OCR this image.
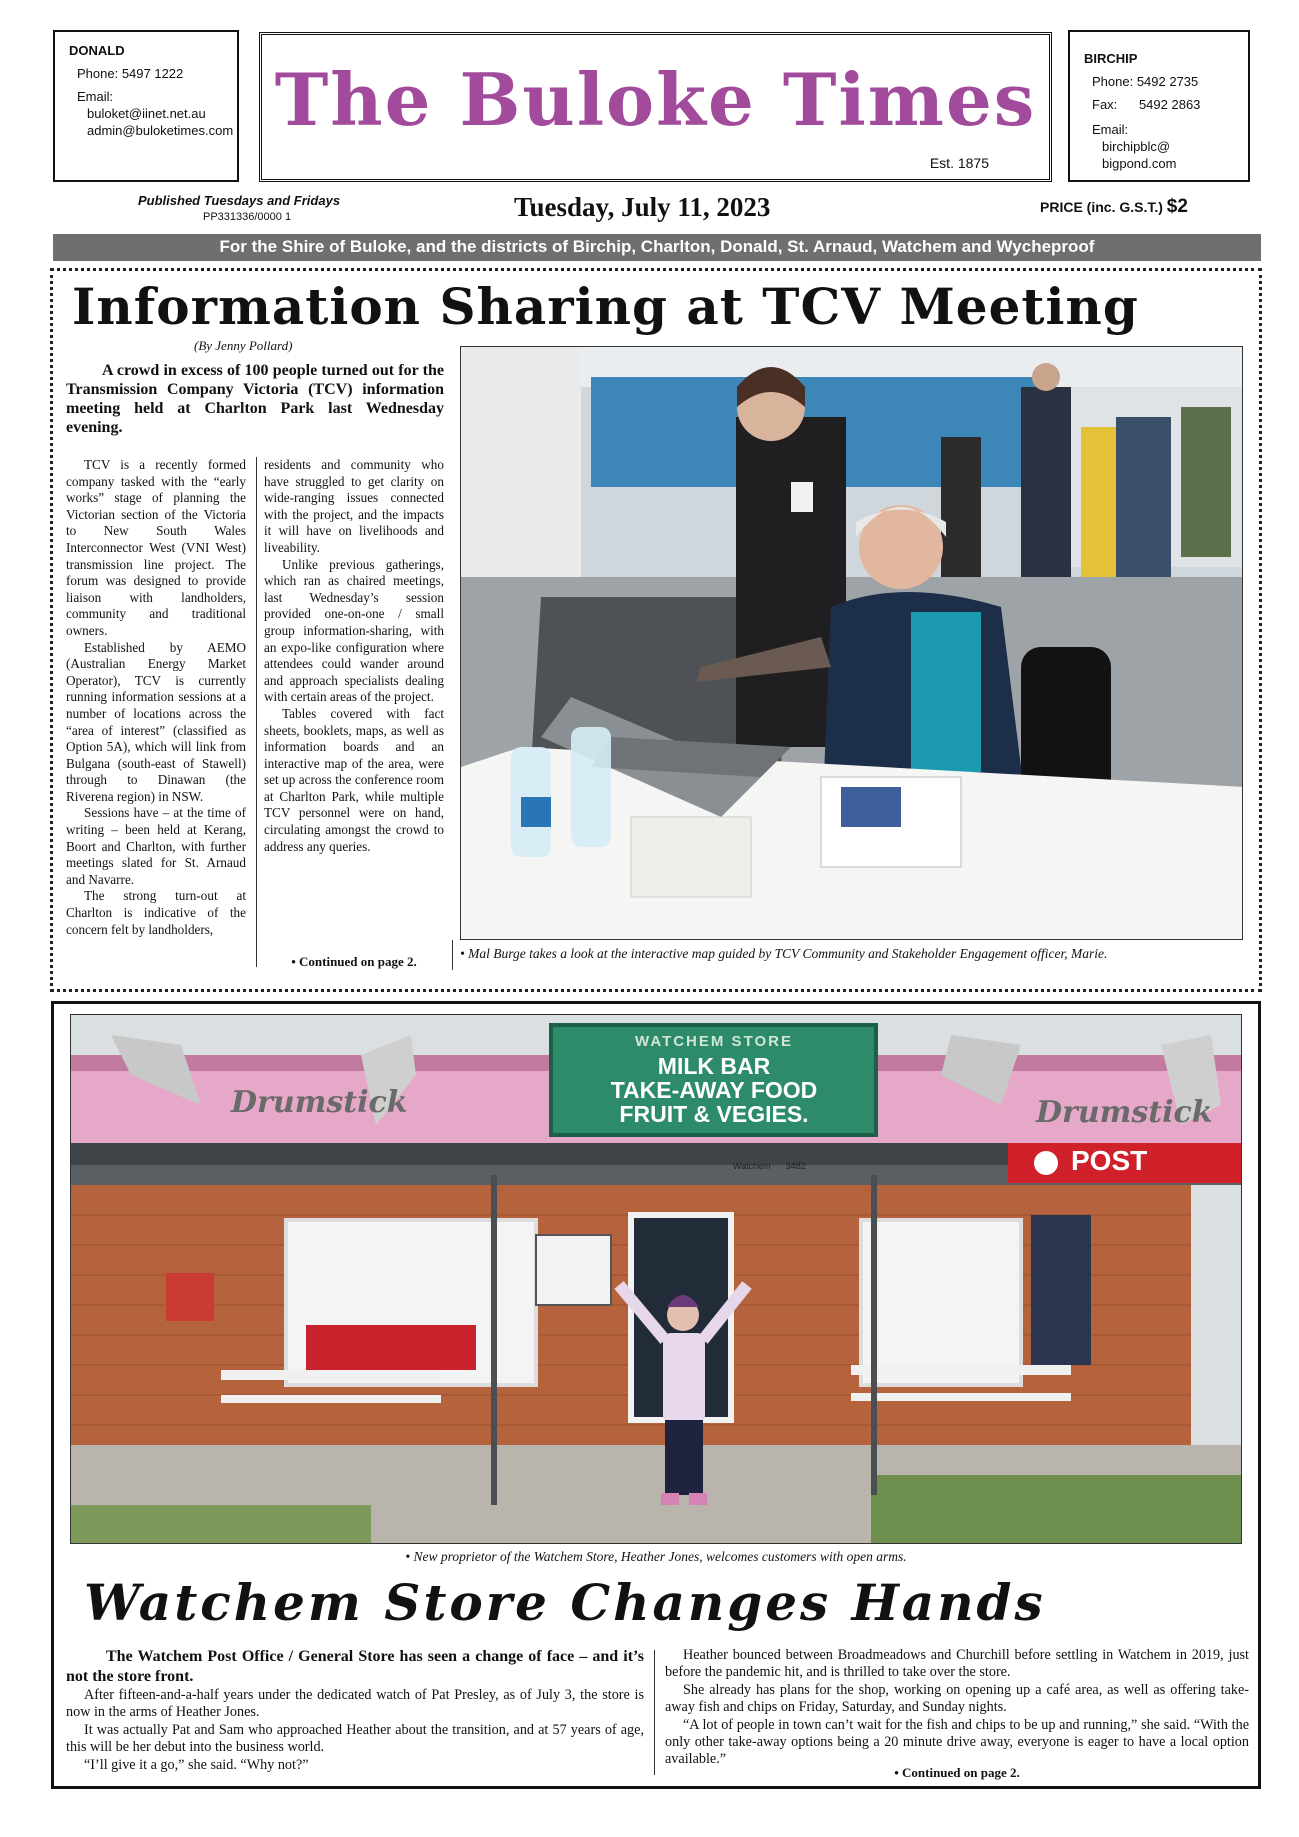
DONALD
Phone: 5497 1222
Email:
buloket@iinet.net.au
admin@buloketimes.com The Buloke Times
Est. 1875
BIRCHIP
Phone: 5492 2735
Fax:      5492 2863
Email:
birchipblc@
bigpond.com
Published Tuesdays and Fridays
PP331336/0000 1	Tuesday, July 11, 2023	PRICE (inc. G.S.T.) $2
For the Shire of Buloke, and the districts of Birchip, Charlton, Donald, St. Arnaud, Watchem and Wycheproof
Information Sharing at TCV Meeting
(By Jenny Pollard)
A crowd in excess of 100 people turned out for the Transmission Company Victoria (TCV) information meeting held at Charlton Park last Wednesday evening.

TCV is a recently formed company tasked with the “early works” stage of planning the Victorian section of the Victoria to New South Wales Interconnector West (VNI West) transmission line project. The forum was designed to provide liaison with landholders, community and traditional owners.

Established by AEMO (Australian Energy Market Operator), TCV is currently running information sessions at a number of locations across the “area of interest” (classified as Option 5A), which will link from Bulgana (south-east of Stawell) through to Dinawan (the Riverena region) in NSW.

Sessions have – at the time of writing – been held at Kerang, Boort and Charlton, with further meetings slated for St. Arnaud and Navarre.

The strong turn-out at Charlton is indicative of the concern felt by landholders,

residents and community who have struggled to get clarity on wide-ranging issues connected with the project, and the impacts it will have on livelihoods and liveability.

Unlike previous gatherings, which ran as chaired meetings, last Wednesday’s session provided one-on-one / small group information-sharing, with an expo-like configuration where attendees could wander around and approach specialists dealing with certain areas of the project.

Tables covered with fact sheets, booklets, maps, as well as information boards and an interactive map of the area, were set up across the conference room at Charlton Park, while multiple TCV personnel were on hand, circulating amongst the crowd to address any queries.

• Continued on page 2.
• Mal Burge takes a look at the interactive map guided by TCV Community and Stakeholder Engagement officer, Marie.
WATCHEM STORE
MILK BAR
TAKE-AWAY FOOD
FRUIT & VEGIES.
Drumstick	Drumstick
POST
Watchem      3482
• New proprietor of the Watchem Store, Heather Jones, welcomes customers with open arms.
Watchem Store Changes Hands
The Watchem Post Office / General Store has seen a change of face – and it’s not the store front.

After fifteen-and-a-half years under the dedicated watch of Pat Presley, as of July 3, the store is now in the arms of Heather Jones.

It was actually Pat and Sam who approached Heather about the transition, and at 57 years of age, this will be her debut into the business world.

“I’ll give it a go,” she said. “Why not?”

Heather bounced between Broadmeadows and Churchill before settling in Watchem in 2019, just before the pandemic hit, and is thrilled to take over the store.

She already has plans for the shop, working on opening up a café area, as well as offering take-away fish and chips on Friday, Saturday, and Sunday nights.

“A lot of people in town can’t wait for the fish and chips to be up and running,” she said. “With the only other take-away options being a 20 minute drive away, everyone is eager to have a local option available.”

• Continued on page 2.
